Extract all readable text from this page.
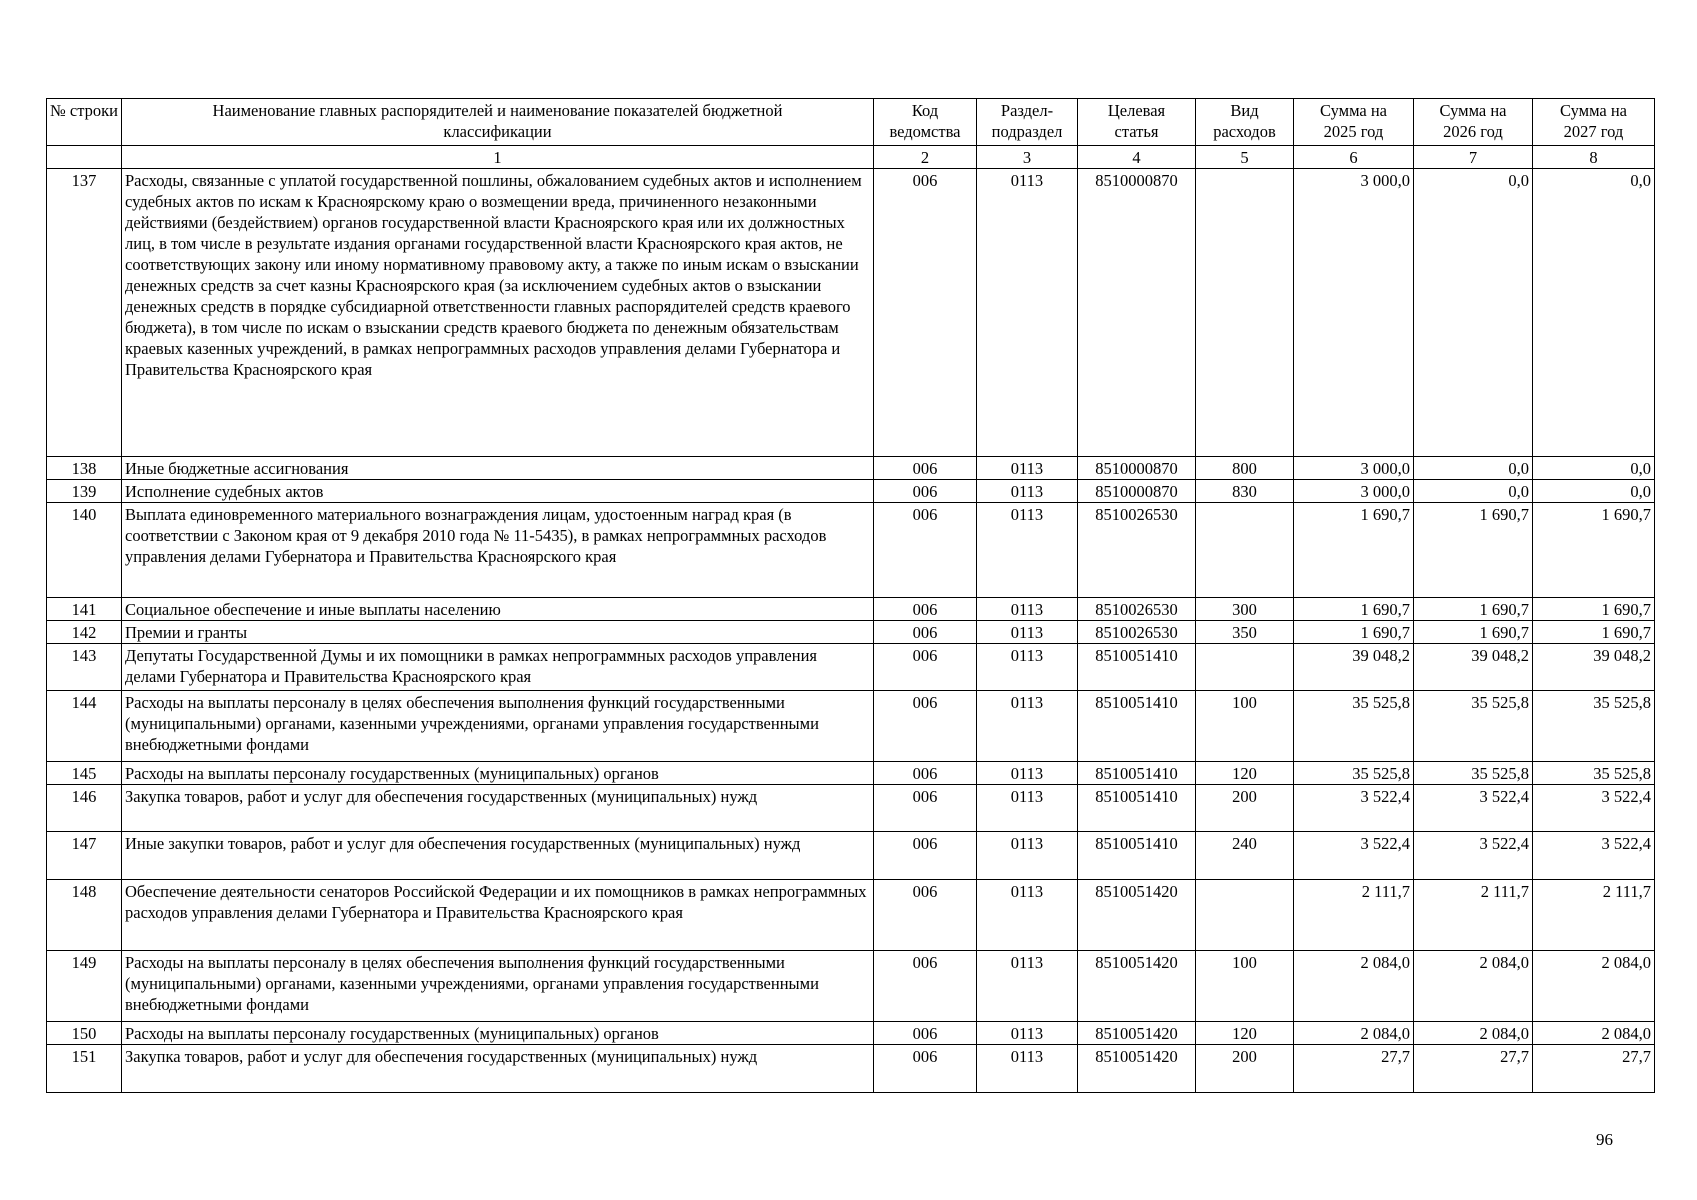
№ строки	Наименование главных распорядителей и наименование показателей бюджетной классификации	Код ведомства	Раздел-подраздел	Целевая статья	Вид расходов	Сумма на 2025 год	Сумма на 2026 год	Сумма на 2027 год
	1	2	3	4	5	6	7	8
137	Расходы, связанные с уплатой государственной пошлины, обжалованием судебных актов и исполнением судебных актов по искам к Красноярскому краю о возмещении вреда, причиненного незаконными действиями (бездействием) органов государственной власти Красноярского края или их должностных лиц, в том числе в результате издания органами государственной власти Красноярского края актов, не соответствующих закону или иному нормативному правовому акту, а также по иным искам о взыскании денежных средств за счет казны Красноярского края (за исключением судебных актов о взыскании денежных средств в порядке субсидиарной ответственности главных распорядителей средств краевого бюджета), в том числе по искам о взыскании средств краевого бюджета по денежным обязательствам краевых казенных учреждений, в рамках непрограммных расходов управления делами Губернатора и Правительства Красноярского края	006	0113	8510000870		3 000,0	0,0	0,0
138	Иные бюджетные ассигнования	006	0113	8510000870	800	3 000,0	0,0	0,0
139	Исполнение судебных актов	006	0113	8510000870	830	3 000,0	0,0	0,0
140	Выплата единовременного материального вознаграждения лицам, удостоенным наград края (в соответствии с Законом края от 9 декабря 2010 года № 11-5435), в рамках непрограммных расходов управления делами Губернатора и Правительства Красноярского края	006	0113	8510026530		1 690,7	1 690,7	1 690,7
141	Социальное обеспечение и иные выплаты населению	006	0113	8510026530	300	1 690,7	1 690,7	1 690,7
142	Премии и гранты	006	0113	8510026530	350	1 690,7	1 690,7	1 690,7
143	Депутаты Государственной Думы и их помощники в рамках непрограммных расходов управления делами Губернатора и Правительства Красноярского края	006	0113	8510051410		39 048,2	39 048,2	39 048,2
144	Расходы на выплаты персоналу в целях обеспечения выполнения функций государственными (муниципальными) органами, казенными учреждениями, органами управления государственными внебюджетными фондами	006	0113	8510051410	100	35 525,8	35 525,8	35 525,8
145	Расходы на выплаты персоналу государственных (муниципальных) органов	006	0113	8510051410	120	35 525,8	35 525,8	35 525,8
146	Закупка товаров, работ и услуг для обеспечения государственных (муниципальных) нужд	006	0113	8510051410	200	3 522,4	3 522,4	3 522,4
147	Иные закупки товаров, работ и услуг для обеспечения государственных (муниципальных) нужд	006	0113	8510051410	240	3 522,4	3 522,4	3 522,4
148	Обеспечение деятельности сенаторов Российской Федерации и их помощников в рамках непрограммных расходов управления делами Губернатора и Правительства Красноярского края	006	0113	8510051420		2 111,7	2 111,7	2 111,7
149	Расходы на выплаты персоналу в целях обеспечения выполнения функций государственными (муниципальными) органами, казенными учреждениями, органами управления государственными внебюджетными фондами	006	0113	8510051420	100	2 084,0	2 084,0	2 084,0
150	Расходы на выплаты персоналу государственных (муниципальных) органов	006	0113	8510051420	120	2 084,0	2 084,0	2 084,0
151	Закупка товаров, работ и услуг для обеспечения государственных (муниципальных) нужд	006	0113	8510051420	200	27,7	27,7	27,7
96
